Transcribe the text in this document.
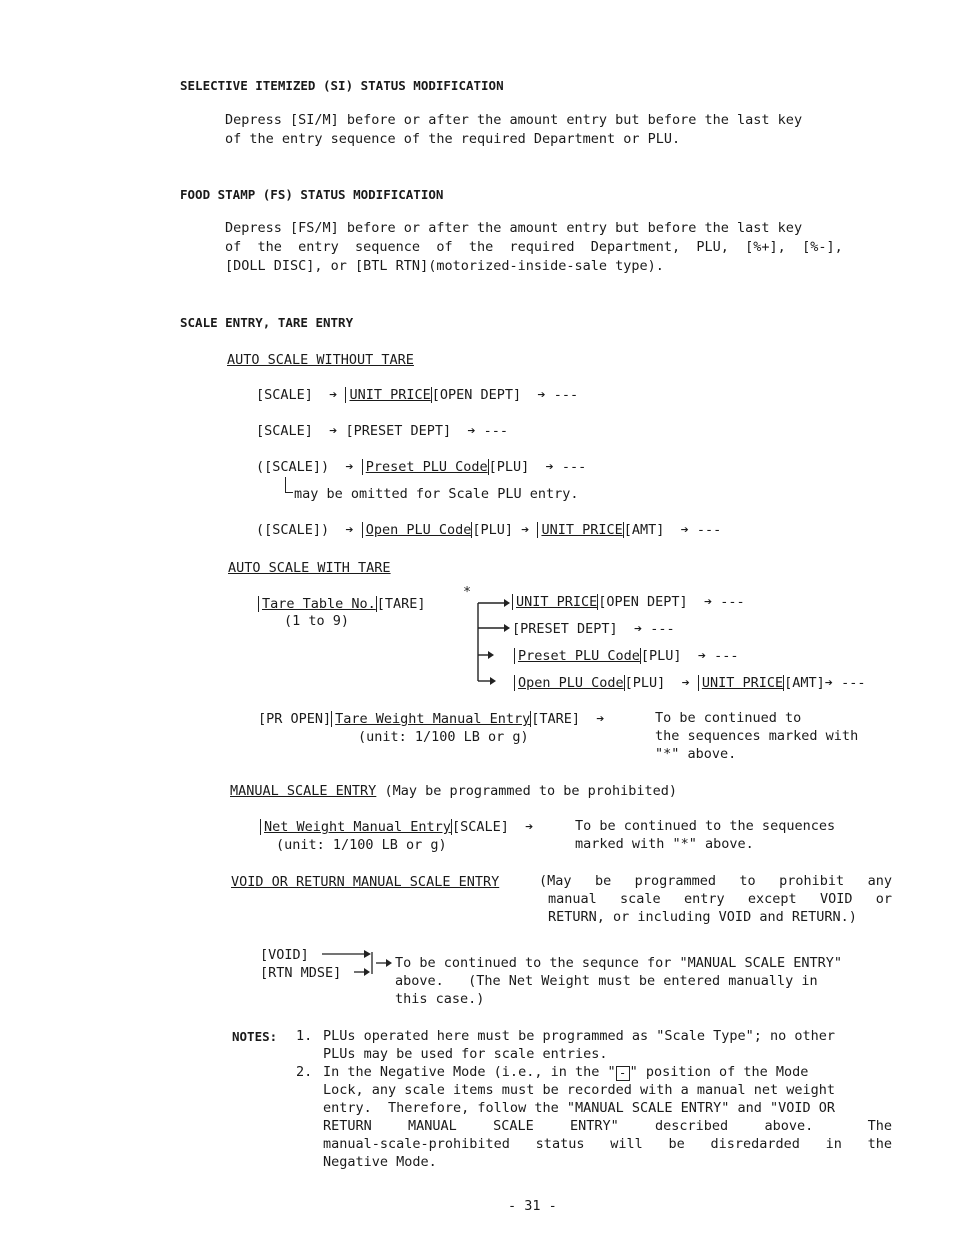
SELECTIVE ITEMIZED (SI) STATUS MODIFICATION
Depress [SI/M] before or after the amount entry but before the last key
of the entry sequence of the required Department or PLU.
FOOD STAMP (FS) STATUS MODIFICATION
Depress [FS/M] before or after the amount entry but before the last key
of  the  entry  sequence  of  the  required  Department,  PLU,  [%+],  [%-],
[DOLL DISC], or [BTL RTN](motorized-inside-sale type).
SCALE ENTRY, TARE ENTRY
AUTO SCALE WITHOUT TARE
[SCALE] ➔ UNIT PRICE[OPEN DEPT] ➔ ---
[SCALE] ➔ [PRESET DEPT] ➔ ---
([SCALE]) ➔ Preset PLU Code[PLU] ➔ ---
may be omitted for Scale PLU entry.
([SCALE]) ➔ Open PLU Code[PLU] ➔ UNIT PRICE[AMT] ➔ ---
AUTO SCALE WITH TARE
Tare Table No.[TARE]
(1 to 9)
*
UNIT PRICE[OPEN DEPT] ➔ ---
[PRESET DEPT] ➔ ---
Preset PLU Code[PLU] ➔ ---
Open PLU Code[PLU] ➔ UNIT PRICE[AMT]➔ ---
[PR OPEN] Tare Weight Manual Entry[TARE] ➔
(unit: 1/100 LB or g)
To be continued to
the sequences marked with
"*" above.
MANUAL SCALE ENTRY (May be programmed to be prohibited)
Net Weight Manual Entry[SCALE] ➔
(unit: 1/100 LB or g)
To be continued to the sequences
marked with "*" above.
VOID OR RETURN MANUAL SCALE ENTRY	(May  be  programmed  to  prohibit  any
manual  scale  entry  except  VOID  or
RETURN, or including VOID and RETURN.)
[VOID]
[RTN MDSE]
To be continued to the sequnce for "MANUAL SCALE ENTRY"
above.   (The Net Weight must be entered manually in
this case.)
NOTES: 1. PLUs operated here must be programmed as "Scale Type"; no other
PLUs may be used for scale entries.
2. In the Negative Mode (i.e., in the " - " position of the Mode
Lock, any scale items must be recorded with a manual net weight
entry.  Therefore, follow the "MANUAL SCALE ENTRY" and "VOID OR
RETURN    MANUAL    SCALE    ENTRY"    described    above.      The
manual-scale-prohibited  status  will  be  disredarded  in  the
Negative Mode.
- 31 -
